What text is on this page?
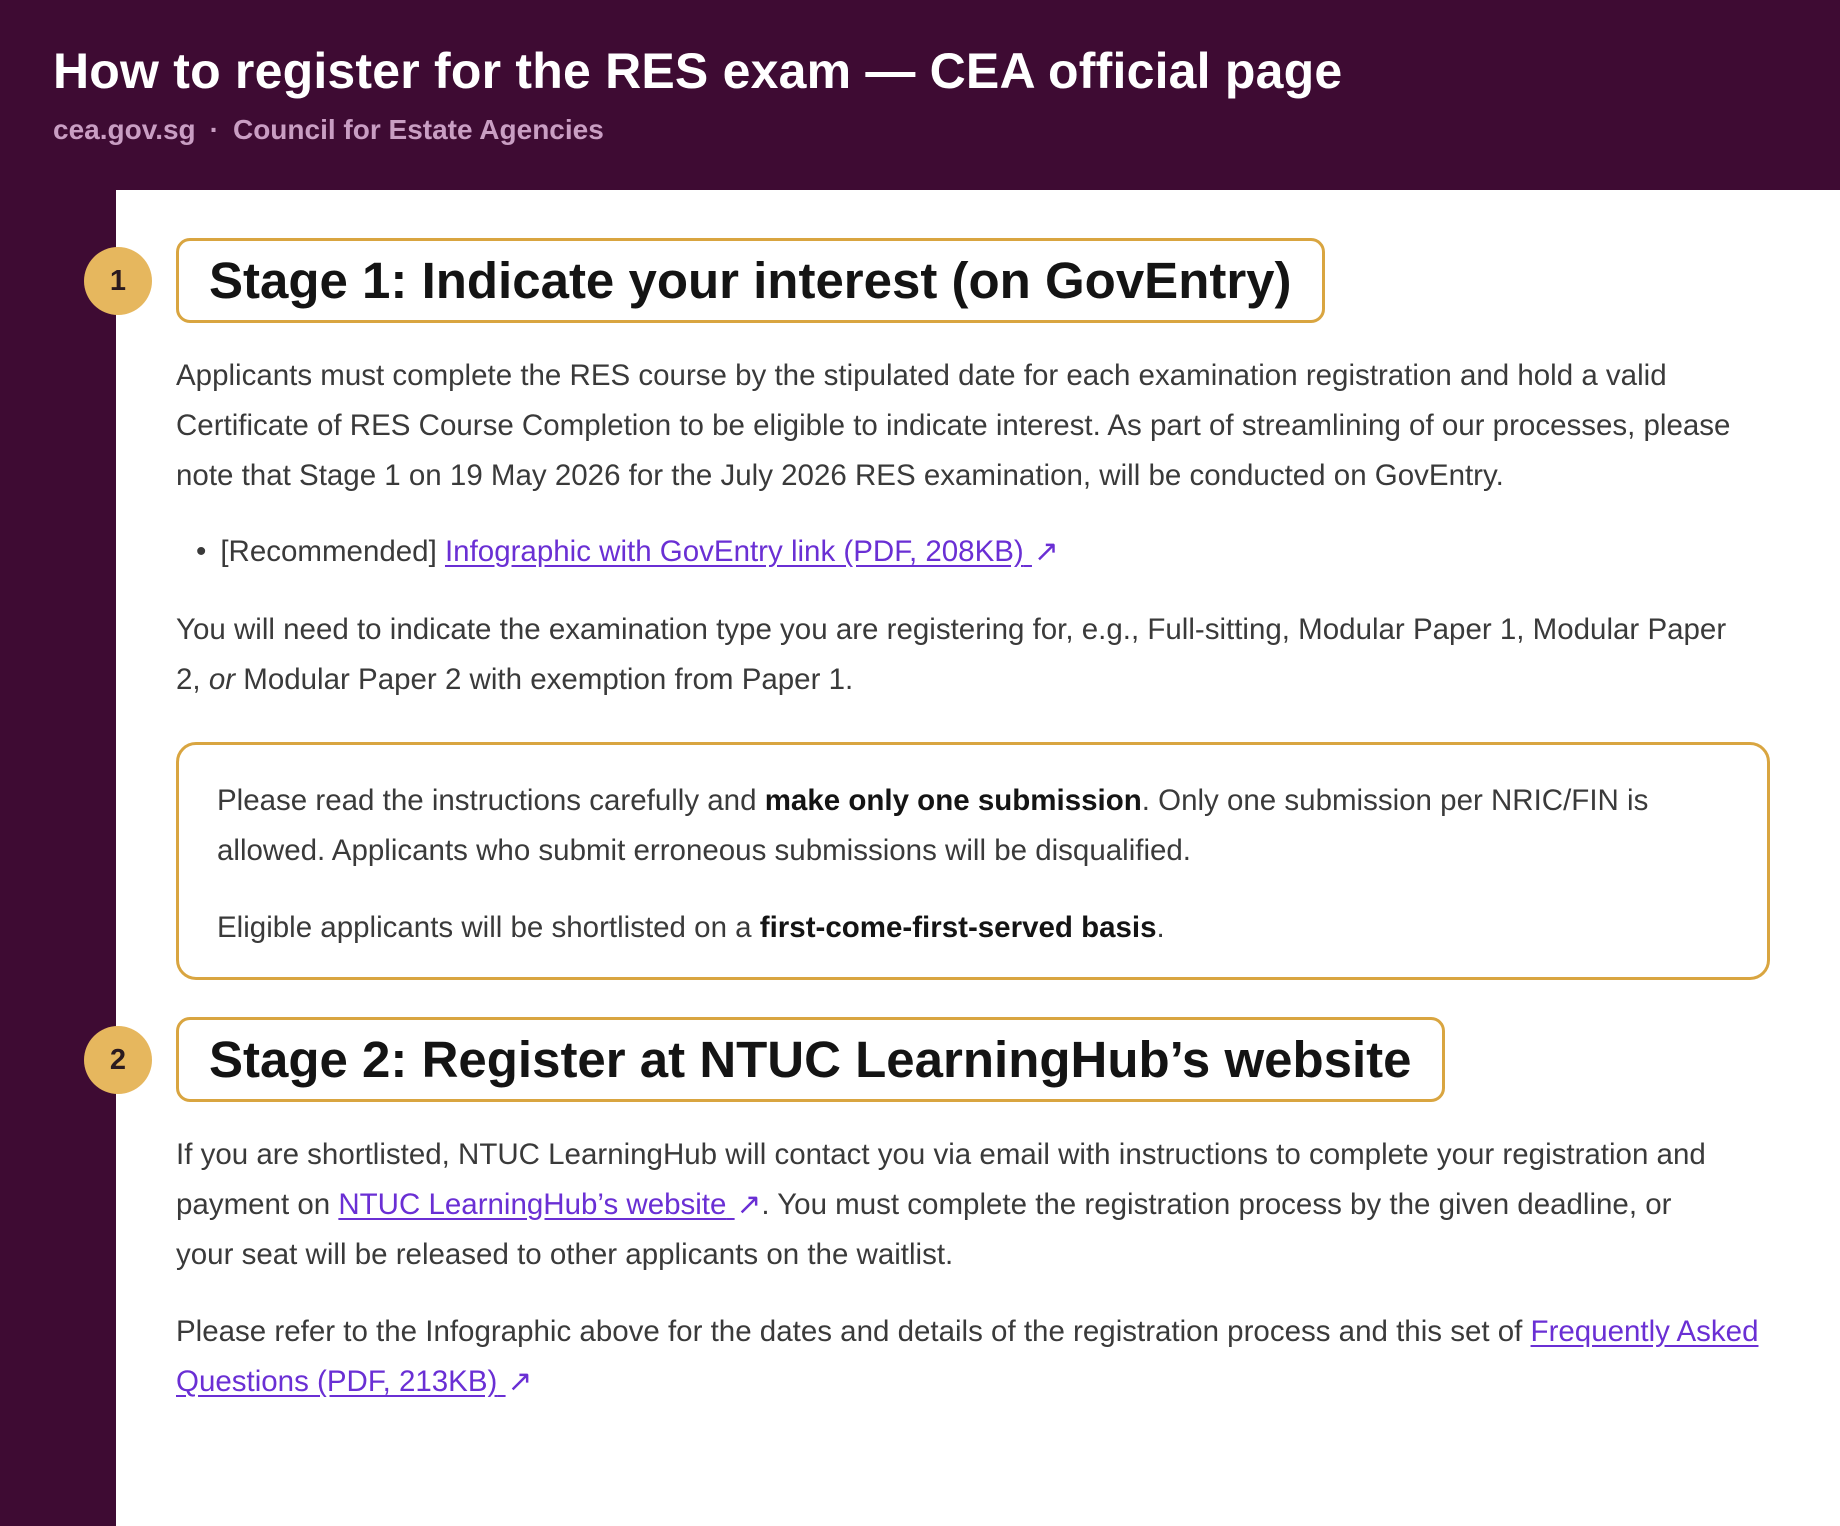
How to register for the RES exam — CEA official page
cea.gov.sg · Council for Estate Agencies
1	Stage 1: Indicate your interest (on GovEntry)

Applicants must complete the RES course by the stipulated date for each examination registration and hold a valid Certificate of RES Course Completion to be eligible to indicate interest. As part of streamlining of our processes, please note that Stage 1 on 19 May 2026 for the July 2026 RES examination, will be conducted on GovEntry.

• [Recommended] Infographic with GovEntry link (PDF, 208KB) ↗

You will need to indicate the examination type you are registering for, e.g., Full-sitting, Modular Paper 1, Modular Paper 2, or Modular Paper 2 with exemption from Paper 1.

Please read the instructions carefully and make only one submission. Only one submission per NRIC/FIN is allowed. Applicants who submit erroneous submissions will be disqualified.

Eligible applicants will be shortlisted on a first-come-first-served basis.

2	Stage 2: Register at NTUC LearningHub’s website

If you are shortlisted, NTUC LearningHub will contact you via email with instructions to complete your registration and payment on NTUC LearningHub’s website ↗. You must complete the registration process by the given deadline, or your seat will be released to other applicants on the waitlist.

Please refer to the Infographic above for the dates and details of the registration process and this set of Frequently Asked Questions (PDF, 213KB) ↗
